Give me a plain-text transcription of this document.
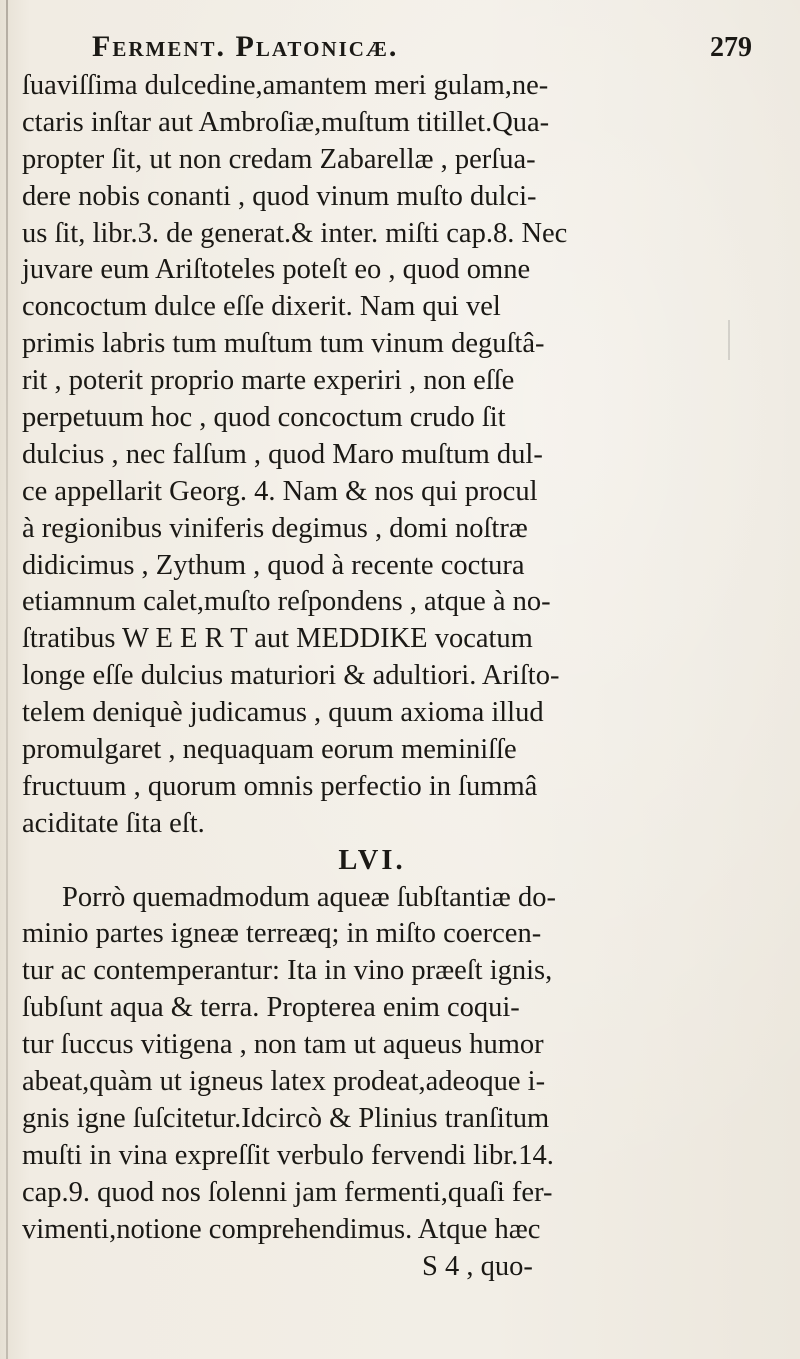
Ferment. Platonicæ.	279
ſuaviſſima dulcedine,amantem meri gulam,ne-
ctaris inſtar aut Ambroſiæ,muſtum titillet.Qua-
propter ſit, ut non credam Zabarellæ , perſua-
dere nobis conanti , quod vinum muſto dulci-
us ſit, libr.3. de generat.& inter. miſti cap.8. Nec
juvare eum Ariſtoteles poteſt eo , quod omne
concoctum dulce eſſe dixerit. Nam qui vel
primis labris tum muſtum tum vinum deguſtâ-
rit , poterit proprio marte experiri , non eſſe
perpetuum hoc , quod concoctum crudo ſit
dulcius , nec falſum , quod Maro muſtum dul-
ce appellarit Georg. 4. Nam & nos qui procul
à regionibus viniferis degimus , domi noſtræ
didicimus , Zythum , quod à recente coctura
etiamnum calet,muſto reſpondens , atque à no-
ſtratibus W E E R T aut MEDDIKE vocatum
longe eſſe dulcius maturiori & adultiori. Ariſto-
telem deniquè judicamus , quum axioma illud
promulgaret , nequaquam eorum meminiſſe
fructuum , quorum omnis perfectio in ſummâ
aciditate ſita eſt.
LVI.
Porrò quemadmodum aqueæ ſubſtantiæ do-
minio partes igneæ terreæq; in miſto coercen-
tur ac contemperantur: Ita in vino præeſt ignis,
ſubſunt aqua & terra. Propterea enim coqui-
tur ſuccus vitigena , non tam ut aqueus humor
abeat,quàm ut igneus latex prodeat,adeoque i-
gnis igne ſuſcitetur.Idcircò & Plinius tranſitum
muſti in vina expreſſit verbulo fervendi libr.14.
cap.9. quod nos ſolenni jam fermenti,quaſi fer-
vimenti,notione comprehendimus. Atque hæc
S 4 , quo-
